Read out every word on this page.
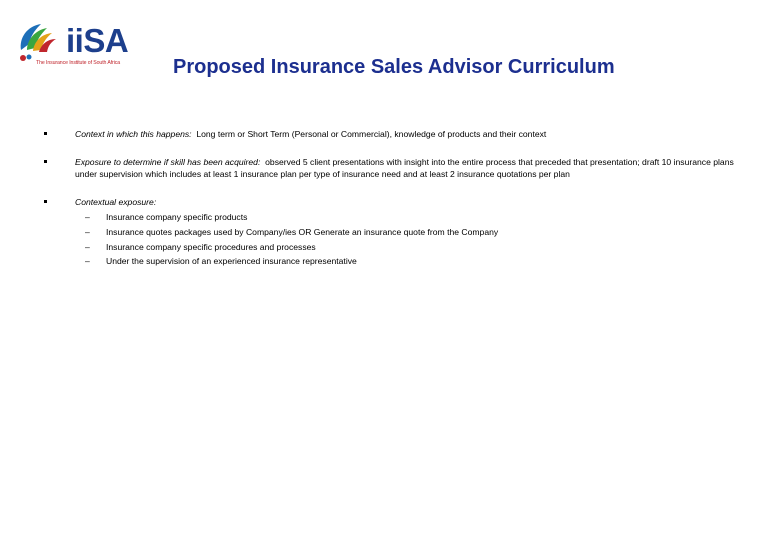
iiSA
The Insurance Institute of South Africa	Proposed Insurance Sales Advisor Curriculum
Context in which this happens: Long term or Short Term (Personal or Commercial), knowledge of products and their context
Exposure to determine if skill has been acquired: observed 5 client presentations with insight into the entire process that preceded that presentation; draft 10 insurance plans under supervision which includes at least 1 insurance plan per type of insurance need and at least 2 insurance quotations per plan
Contextual exposure:
– Insurance company specific products
– Insurance quotes packages used by Company/ies OR Generate an insurance quote from the Company
– Insurance company specific procedures and processes
– Under the supervision of an experienced insurance representative
